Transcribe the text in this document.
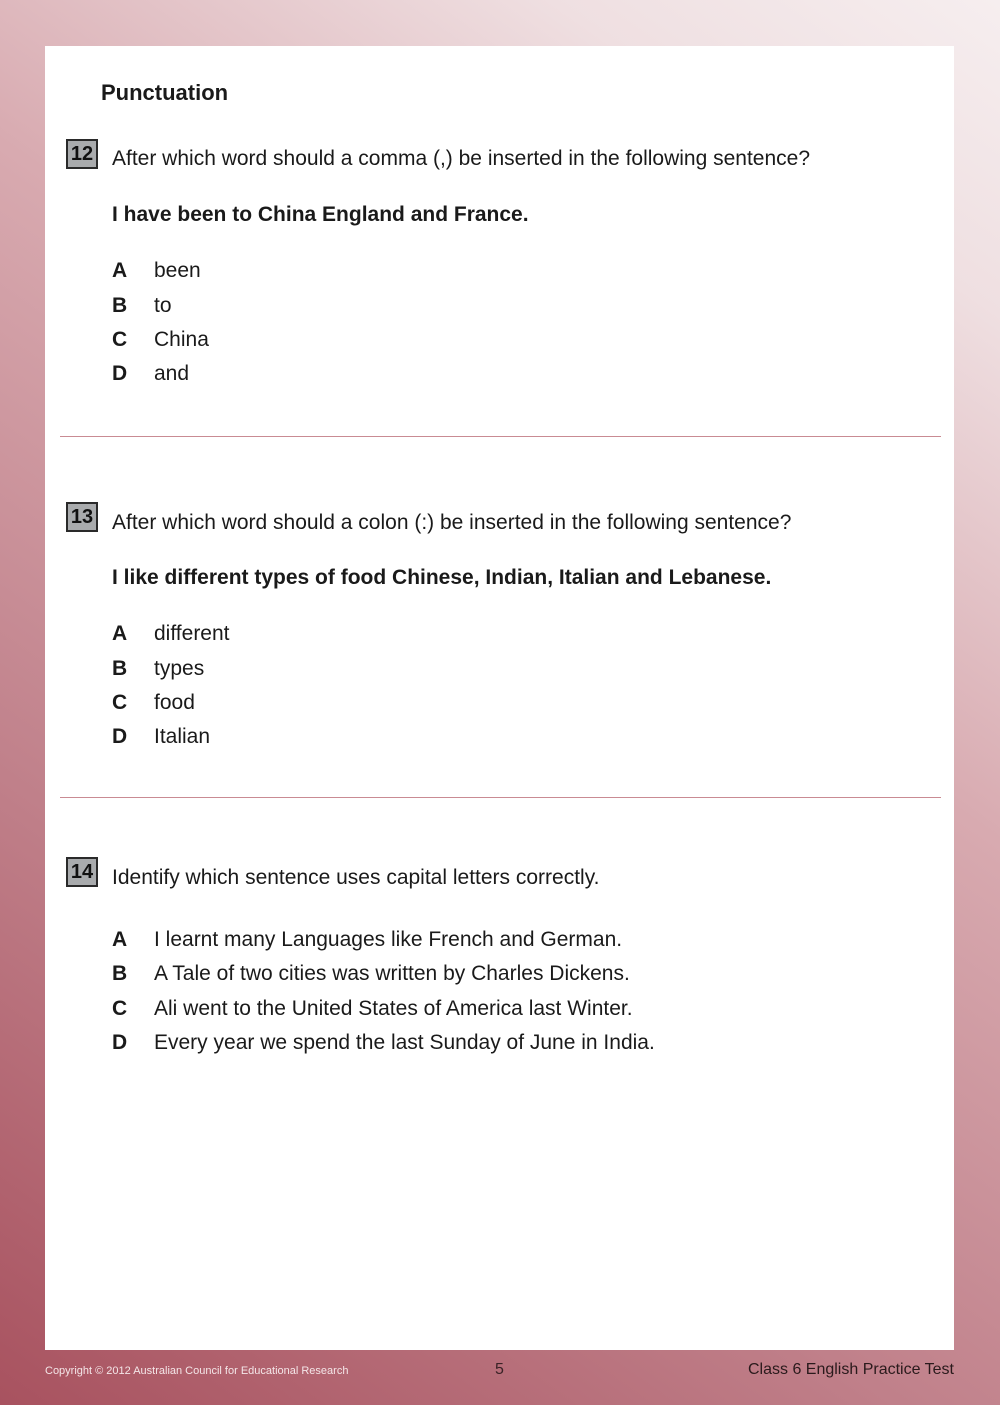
Punctuation
12 After which word should a comma (,) be inserted in the following sentence?
I have been to China England and France.
A been
B to
C China
D and
13 After which word should a colon (:) be inserted in the following sentence?
I like different types of food Chinese, Indian, Italian and Lebanese.
A different
B types
C food
D Italian
14 Identify which sentence uses capital letters correctly.
A I learnt many Languages like French and German.
B A Tale of two cities was written by Charles Dickens.
C Ali went to the United States of America last Winter.
D Every year we spend the last Sunday of June in India.
Copyright © 2012 Australian Council for Educational Research	5	Class 6 English Practice Test
